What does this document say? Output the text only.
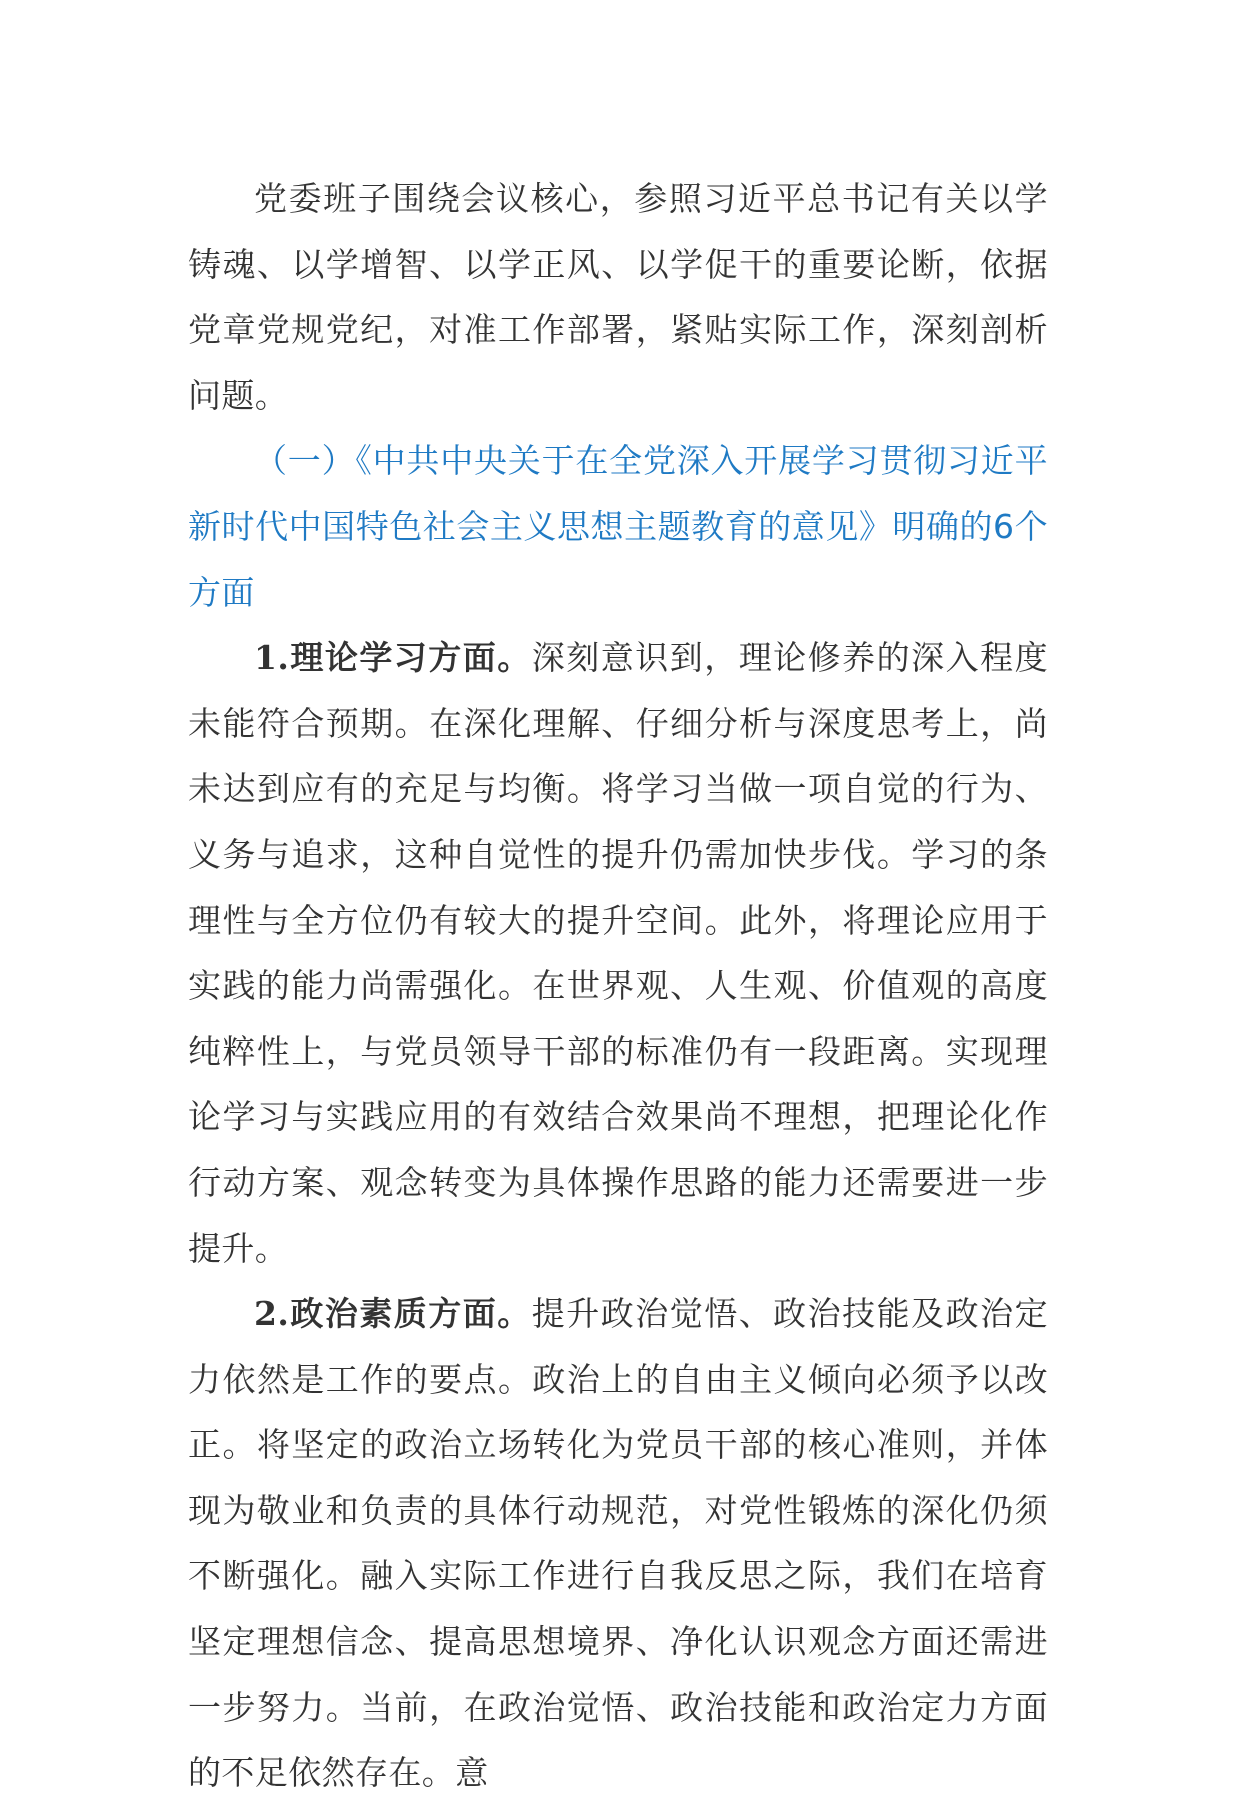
党委班子围绕会议核心，参照习近平总书记有关以学铸魂、以学增智、以学正风、以学促干的重要论断，依据党章党规党纪，对准工作部署，紧贴实际工作，深刻剖析问题。

（一）《中共中央关于在全党深入开展学习贯彻习近平新时代中国特色社会主义思想主题教育的意见》明确的6个方面

1.理论学习方面。深刻意识到，理论修养的深入程度未能符合预期。在深化理解、仔细分析与深度思考上，尚未达到应有的充足与均衡。将学习当做一项自觉的行为、义务与追求，这种自觉性的提升仍需加快步伐。学习的条理性与全方位仍有较大的提升空间。此外，将理论应用于实践的能力尚需强化。在世界观、人生观、价值观的高度纯粹性上，与党员领导干部的标准仍有一段距离。实现理论学习与实践应用的有效结合效果尚不理想，把理论化作行动方案、观念转变为具体操作思路的能力还需要进一步提升。

2.政治素质方面。提升政治觉悟、政治技能及政治定力依然是工作的要点。政治上的自由主义倾向必须予以改正。将坚定的政治立场转化为党员干部的核心准则，并体现为敬业和负责的具体行动规范，对党性锻炼的深化仍须不断强化。融入实际工作进行自我反思之际，我们在培育坚定理想信念、提高思想境界、净化认识观念方面还需进一步努力。当前，在政治觉悟、政治技能和政治定力方面的不足依然存在。意
